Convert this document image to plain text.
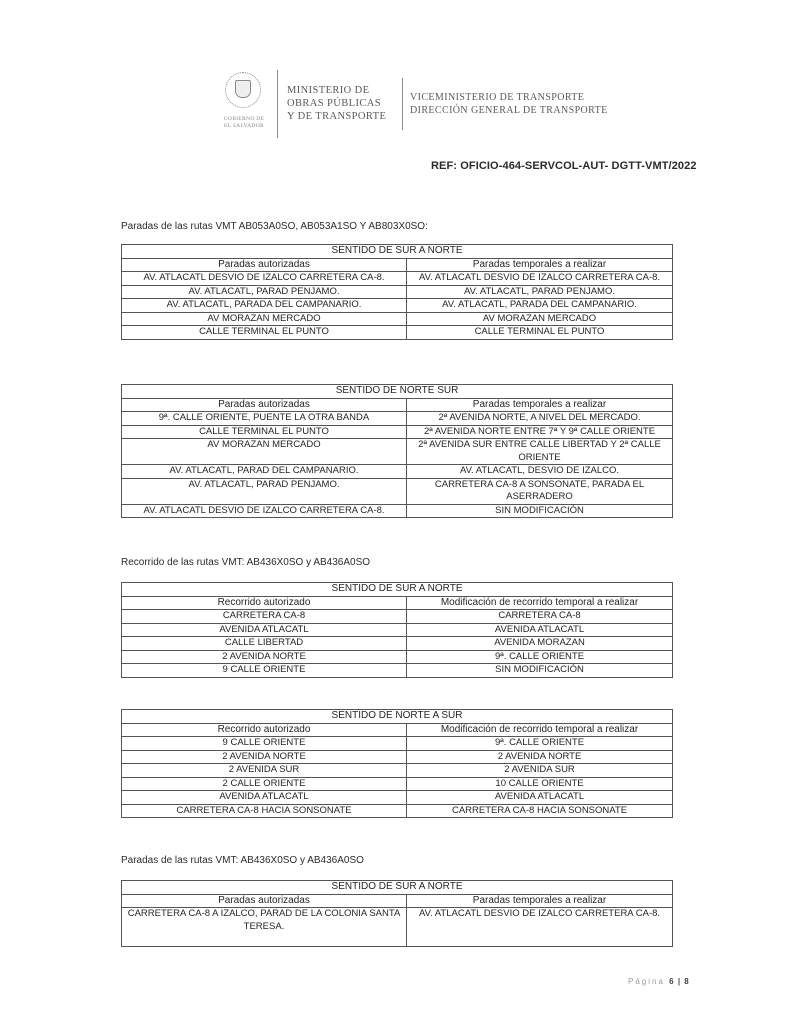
GOBIERNO DE
EL SALVADOR
MINISTERIO DE
OBRAS PÚBLICAS
Y DE TRANSPORTE
VICEMINISTERIO DE TRANSPORTE
DIRECCIÓN GENERAL DE TRANSPORTE
REF: OFICIO-464-SERVCOL-AUT- DGTT-VMT/2022
Paradas de las rutas VMT AB053A0SO, AB053A1SO Y AB803X0SO:
SENTIDO DE SUR A NORTE	
Paradas autorizadas	Paradas temporales a realizar
AV. ATLACATL DESVIO DE IZALCO CARRETERA CA-8.	AV. ATLACATL DESVIO DE IZALCO CARRETERA CA-8.
AV. ATLACATL, PARAD PENJAMO.	AV. ATLACATL, PARAD PENJAMO.
AV. ATLACATL, PARADA DEL CAMPANARIO.	AV. ATLACATL, PARADA DEL CAMPANARIO.
AV MORAZAN MERCADO	AV MORAZAN MERCADO
CALLE TERMINAL EL PUNTO	CALLE TERMINAL EL PUNTO
SENTIDO DE NORTE SUR	
Paradas autorizadas	Paradas temporales a realizar
9ª. CALLE ORIENTE, PUENTE LA OTRA BANDA	2ª AVENIDA NORTE, A NIVEL DEL MERCADO.
CALLE TERMINAL EL PUNTO	2ª AVENIDA NORTE ENTRE 7ª Y 9ª CALLE ORIENTE
AV MORAZAN MERCADO	2ª AVENIDA SUR ENTRE CALLE LIBERTAD Y 2ª CALLE ORIENTE
AV. ATLACATL, PARAD DEL CAMPANARIO.	AV. ATLACATL, DESVIO DE IZALCO.
AV. ATLACATL, PARAD PENJAMO.	CARRETERA CA-8 A SONSONATE, PARADA EL ASERRADERO
AV. ATLACATL DESVIO DE IZALCO CARRETERA CA-8.	SIN MODIFICACIÓN
Recorrido de las rutas VMT: AB436X0SO y AB436A0SO
SENTIDO DE SUR A NORTE	
Recorrido autorizado	Modificación de recorrido temporal a realizar
CARRETERA CA-8	CARRETERA CA-8
AVENIDA ATLACATL	AVENIDA ATLACATL
CALLE LIBERTAD	AVENIDA MORAZAN
2 AVENIDA NORTE	9ª. CALLE ORIENTE
9 CALLE ORIENTE	SIN MODIFICACIÓN
SENTIDO DE NORTE A SUR	
Recorrido autorizado	Modificación de recorrido temporal a realizar
9 CALLE ORIENTE	9ª. CALLE ORIENTE
2 AVENIDA NORTE	2 AVENIDA NORTE
2 AVENIDA SUR	2 AVENIDA SUR
2 CALLE ORIENTE	10 CALLE ORIENTE
AVENIDA ATLACATL	AVENIDA ATLACATL
CARRETERA CA-8 HACIA SONSONATE	CARRETERA CA-8 HACIA SONSONATE
Paradas de las rutas VMT: AB436X0SO y AB436A0SO
SENTIDO DE SUR A NORTE	
Paradas autorizadas	Paradas temporales a realizar
CARRETERA CA-8 A IZALCO, PARAD DE LA COLONIA SANTA TERESA.	AV. ATLACATL DESVIO DE IZALCO CARRETERA CA-8.
Página 6 | 8
